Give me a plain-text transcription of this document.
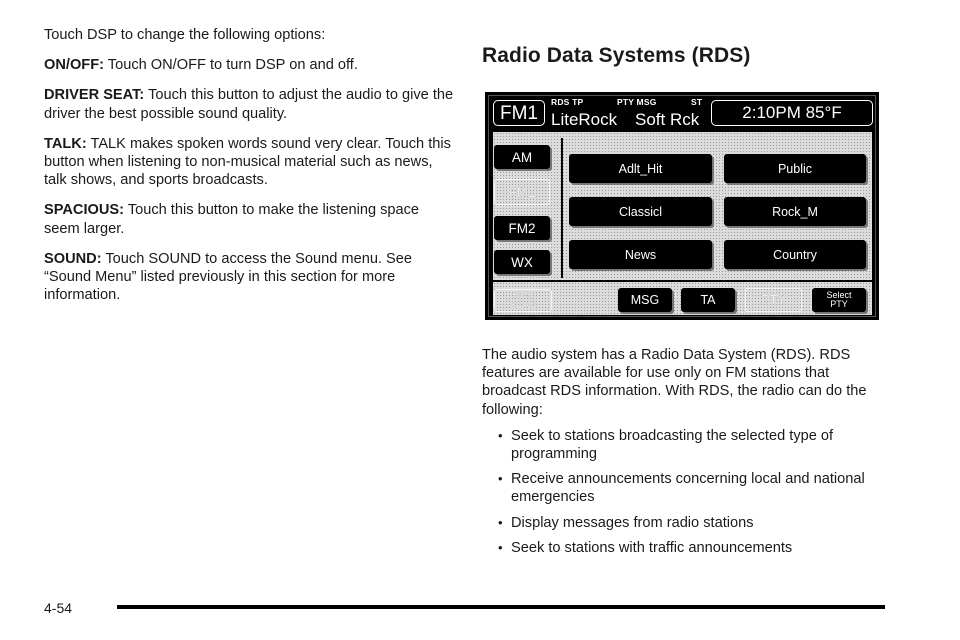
Touch DSP to change the following options:

ON/OFF: Touch ON/OFF to turn DSP on and off.

DRIVER SEAT: Touch this button to adjust the audio to give the driver the best possible sound quality.

TALK: TALK makes spoken words sound very clear. Touch this button when listening to non-musical material such as news, talk shows, and sports broadcasts.

SPACIOUS: Touch this button to make the listening space seem larger.

SOUND: Touch SOUND to access the Sound menu. See “Sound Menu” listed previously in this section for more information.

Radio Data Systems (RDS)
FM1
RDS TP	PTY MSG	ST
LiteRock Soft Rck	2:10PM 85°F
AM
FM1
FM2
WX
Adlt_Hit	Public
Classicl	Rock_M
News	Country
RDS
SCAN	MSG	TA	PTY	Select
PTY

The audio system has a Radio Data System (RDS). RDS features are available for use only on FM stations that broadcast RDS information. With RDS, the radio can do the following:

• Seek to stations broadcasting the selected type of programming
• Receive announcements concerning local and national emergencies
• Display messages from radio stations
• Seek to stations with traffic announcements
4-54
